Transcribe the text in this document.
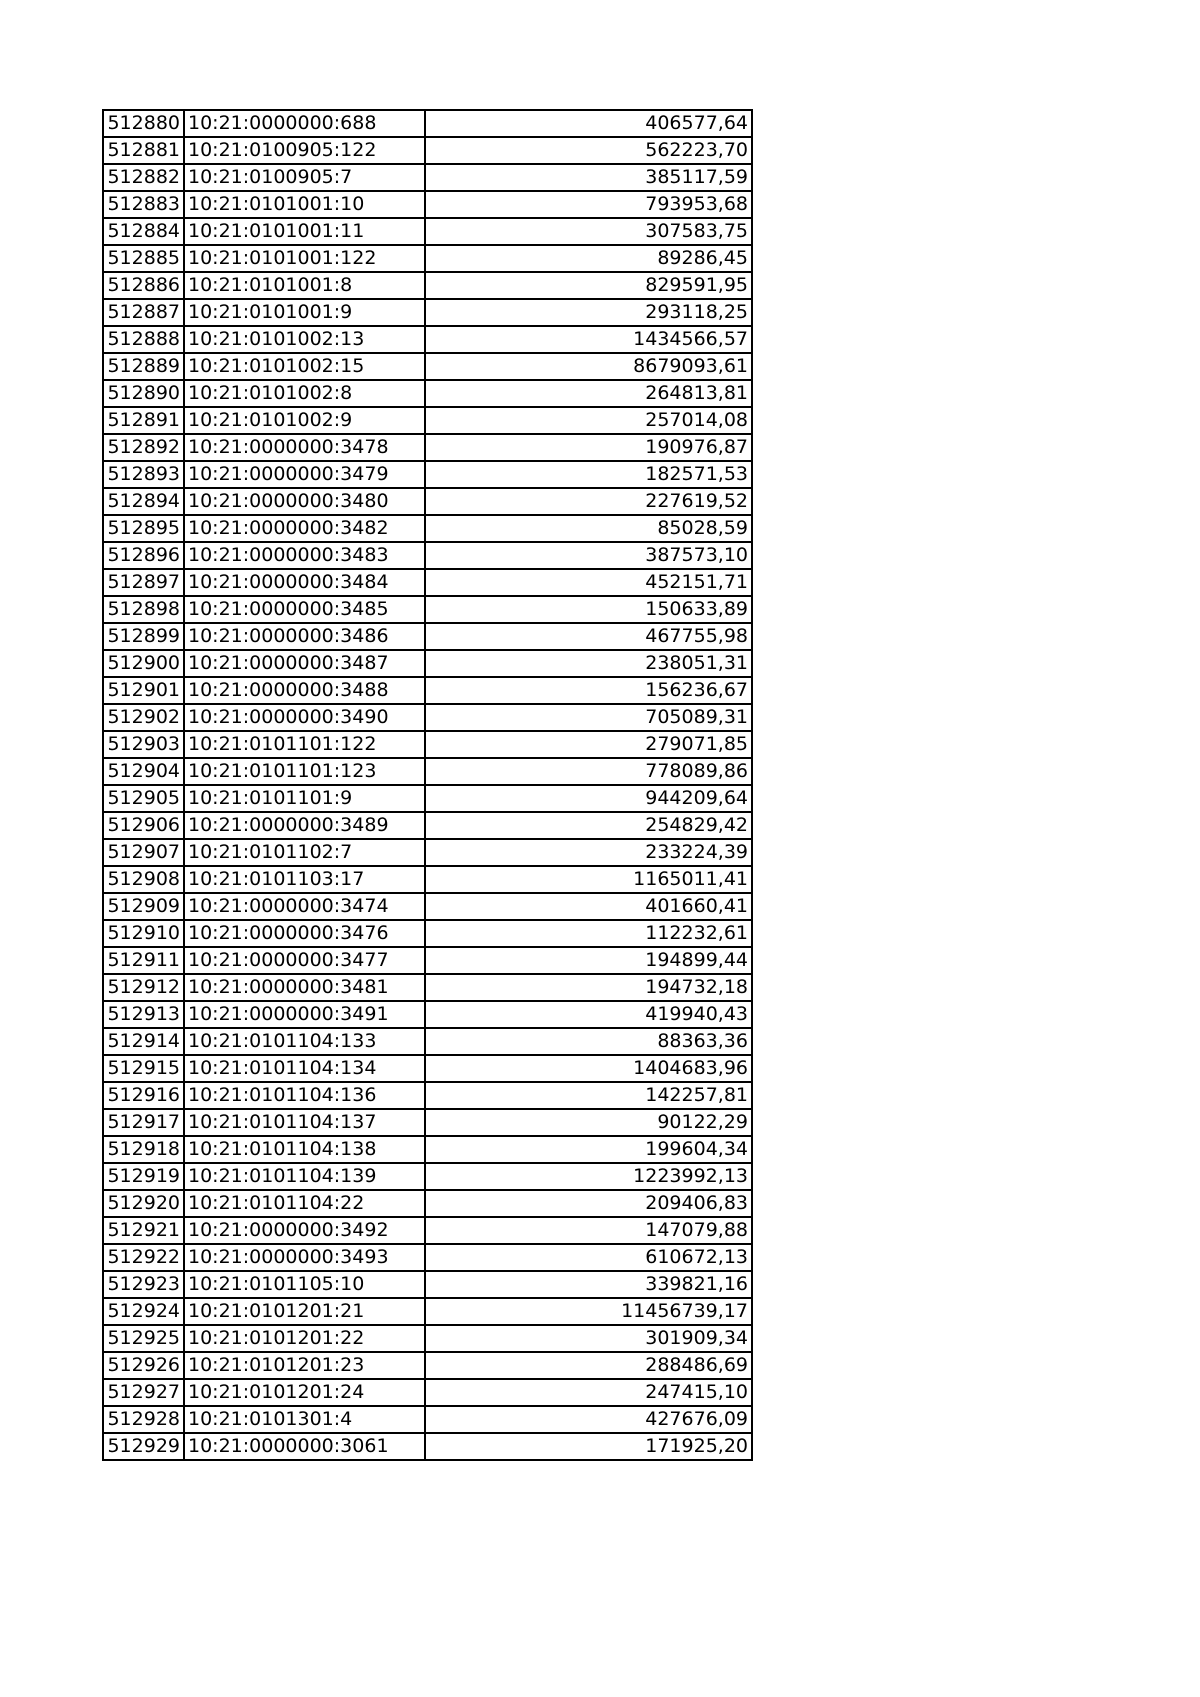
512880	10:21:0000000:688	406577,64
512881	10:21:0100905:122	562223,70
512882	10:21:0100905:7	385117,59
512883	10:21:0101001:10	793953,68
512884	10:21:0101001:11	307583,75
512885	10:21:0101001:122	89286,45
512886	10:21:0101001:8	829591,95
512887	10:21:0101001:9	293118,25
512888	10:21:0101002:13	1434566,57
512889	10:21:0101002:15	8679093,61
512890	10:21:0101002:8	264813,81
512891	10:21:0101002:9	257014,08
512892	10:21:0000000:3478	190976,87
512893	10:21:0000000:3479	182571,53
512894	10:21:0000000:3480	227619,52
512895	10:21:0000000:3482	85028,59
512896	10:21:0000000:3483	387573,10
512897	10:21:0000000:3484	452151,71
512898	10:21:0000000:3485	150633,89
512899	10:21:0000000:3486	467755,98
512900	10:21:0000000:3487	238051,31
512901	10:21:0000000:3488	156236,67
512902	10:21:0000000:3490	705089,31
512903	10:21:0101101:122	279071,85
512904	10:21:0101101:123	778089,86
512905	10:21:0101101:9	944209,64
512906	10:21:0000000:3489	254829,42
512907	10:21:0101102:7	233224,39
512908	10:21:0101103:17	1165011,41
512909	10:21:0000000:3474	401660,41
512910	10:21:0000000:3476	112232,61
512911	10:21:0000000:3477	194899,44
512912	10:21:0000000:3481	194732,18
512913	10:21:0000000:3491	419940,43
512914	10:21:0101104:133	88363,36
512915	10:21:0101104:134	1404683,96
512916	10:21:0101104:136	142257,81
512917	10:21:0101104:137	90122,29
512918	10:21:0101104:138	199604,34
512919	10:21:0101104:139	1223992,13
512920	10:21:0101104:22	209406,83
512921	10:21:0000000:3492	147079,88
512922	10:21:0000000:3493	610672,13
512923	10:21:0101105:10	339821,16
512924	10:21:0101201:21	11456739,17
512925	10:21:0101201:22	301909,34
512926	10:21:0101201:23	288486,69
512927	10:21:0101201:24	247415,10
512928	10:21:0101301:4	427676,09
512929	10:21:0000000:3061	171925,20
